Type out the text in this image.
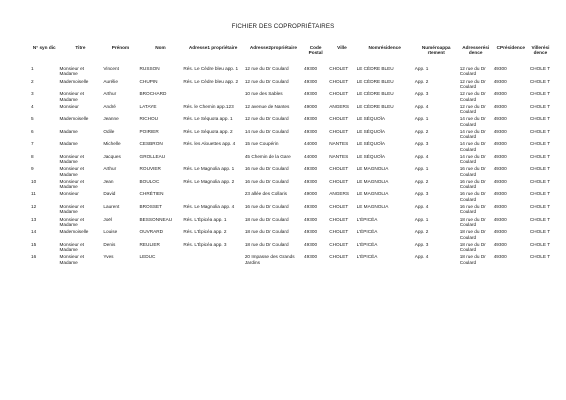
FICHIER DES COPROPRIÉTAIRES
N° syn dic	Titre	Prénom	Nom	Adresse1 propriétaire	Adresse2propriétaire	Code Postal	Ville	Nomrésidence	Numéroappa rtement	Adresserési dence	CPrésidence	Villerési dence
1	Monsieur et Madame	Vincent	RUSSON	Rés. Le Cèdre bleu app. 1	12 rue du Dr Coulard	49300	CHOLET	LE CÈDRE BLEU	App. 1	12 rue du Dr Coulard	49300	CHOLE T
2	Mademoiselle	Aurélie	CHUPIN	Rés. Le Cèdre bleu app. 2	12 rue du Dr Coulard	49300	CHOLET	LE CÈDRE BLEU	App. 2	12 rue du Dr Coulard	49300	CHOLE T
3	Monsieur et Madame	Arthur	BROCHARD		10 rue des Sables	49300	CHOLET	LE CÈDRE BLEU	App. 3	12 rue du Dr Coulard	49300	CHOLE T
4	Monsieur	André	LATAYE	Rés. le Chemin app.123	12 avenue de Nantes	49000	ANGERS	LE CÈDRE BLEU	App. 4	12 rue du Dr Coulard	49300	CHOLE T
5	Mademoiselle	Jeanne	RICHOU	Rés. Le Séquoïa app. 1	12 rue du Dr Coulard	49300	CHOLET	LE SÉQUOÏA	App. 1	14 rue du Dr Coulard	49300	CHOLE T
6	Madame	Odile	POIRIER	Rés. Le Séquoïa app. 2	14 rue du Dr Coulard	49300	CHOLET	LE SÉQUOÏA	App. 2	14 rue du Dr Coulard	49300	CHOLE T
7	Madame	Michelle	CESBRON	Rés. les Alouettes app. 4	15 rue Coupérin	44000	NANTES	LE SÉQUOÏA	App. 3	14 rue du Dr Coulard	49300	CHOLE T
8	Monsieur et Madame	Jacques	GROLLEAU		45 Chemin de la Gare	44000	NANTES	LE SÉQUOÏA	App. 4	14 rue du Dr Coulard	49300	CHOLE T
9	Monsieur et Madame	Arthur	ROUVIER	Rés. Le Magnolia app. 1	16 rue du Dr Coulard	49300	CHOLET	LE MAGNOLIA	App. 1	16 rue du Dr Coulard	49300	CHOLE T
10	Monsieur et Madame	Jean	BOULOC	Rés. Le Magnolia app. 2	16 rue du Dr Coulard	49300	CHOLET	LE MAGNOLIA	App. 2	16 rue du Dr Coulard	49300	CHOLE T
11	Monsieur	David	CHRÉTIEN		23 allée des Collaris	49000	ANGERS	LE MAGNOLIA	App. 3	16 rue du Dr Coulard	49300	CHOLE T
12	Monsieur et Madame	Laurent	BROSSET	Rés. Le Magnolia app. 4	16 rue du Dr Coulard	49300	CHOLET	LE MAGNOLIA	App. 4	16 rue du Dr Coulard	49300	CHOLE T
13	Monsieur et Madame	Joël	BESSONNEAU	Rés. L'Épicéa app. 1	18 rue du Dr Coulard	49300	CHOLET	L'ÉPICÉA	App. 1	18 rue du Dr Coulard	49300	CHOLE T
14	Mademoiselle	Louise	OUVRARD	Rés. L'Épicéa app. 2	18 rue du Dr Coulard	49300	CHOLET	L'ÉPICÉA	App. 2	18 rue du Dr Coulard	49300	CHOLE T
15	Monsieur et Madame	Denis	REULIER	Rés. L'Épicéa app. 3	18 rue du Dr Coulard	49300	CHOLET	L'ÉPICÉA	App. 3	18 rue du Dr Coulard	49300	CHOLE T
16	Monsieur et Madame	Yves	LEDUC		20 Impasse des Grands Jardins	49300	CHOLET	L'ÉPICÉA	App. 4	18 rue du Dr Coulard	49300	CHOLE T
